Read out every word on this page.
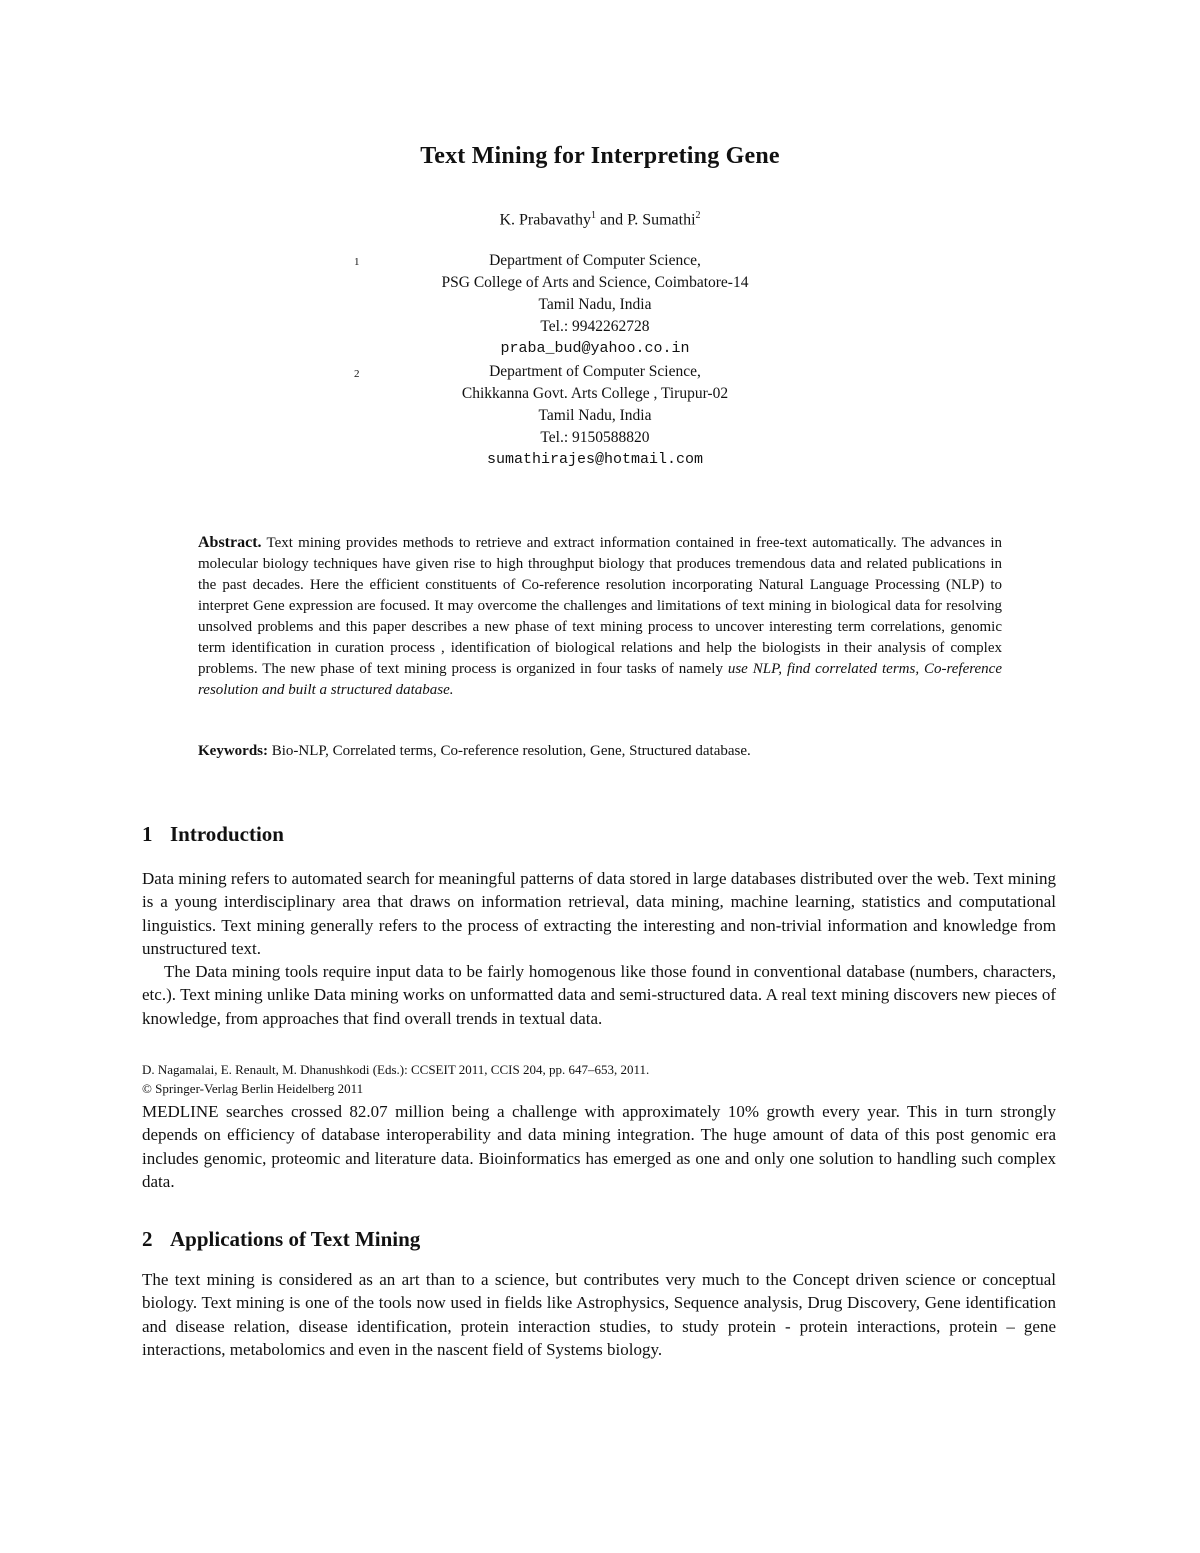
Text Mining for Interpreting Gene
K. Prabavathy$^1$ and P. Sumathi$^2$
1	Department of Computer Science,
PSG College of Arts and Science, Coimbatore-14
Tamil Nadu, India
Tel.: 9942262728
praba_bud@yahoo.co.in
2	Department of Computer Science,
Chikkanna Govt. Arts College , Tirupur-02
Tamil Nadu, India
Tel.: 9150588820
sumathirajes@hotmail.com
Abstract. Text mining provides methods to retrieve and extract information contained in free-text automatically. The advances in molecular biology techniques have given rise to high throughput biology that produces tremendous data and related publications in the past decades. Here the efficient constituents of Co-reference resolution incorporating Natural Language Processing (NLP) to interpret Gene expression are focused. It may overcome the challenges and limitations of text mining in biological data for resolving unsolved problems and this paper describes a new phase of text mining process to uncover interesting term correlations, genomic term identification in curation process , identification of biological relations and help the biologists in their analysis of complex problems. The new phase of text mining process is organized in four tasks of namely use NLP, find correlated terms, Co-reference resolution and built a structured database.
Keywords: Bio-NLP, Correlated terms, Co-reference resolution, Gene, Structured database.
1 Introduction
Data mining refers to automated search for meaningful patterns of data stored in large databases distributed over the web. Text mining is a young interdisciplinary area that draws on information retrieval, data mining, machine learning, statistics and computational linguistics. Text mining generally refers to the process of extracting the interesting and non-trivial information and knowledge from unstructured text.
The Data mining tools require input data to be fairly homogenous like those found in conventional database (numbers, characters, etc.). Text mining unlike Data mining works on unformatted data and semi-structured data. A real text mining discovers new pieces of knowledge, from approaches that find overall trends in textual data.
D. Nagamalai, E. Renault, M. Dhanushkodi (Eds.): CCSEIT 2011, CCIS 204, pp. 647–653, 2011.
© Springer-Verlag Berlin Heidelberg 2011
MEDLINE searches crossed 82.07 million being a challenge with approximately 10% growth every year. This in turn strongly depends on efficiency of database interoperability and data mining integration. The huge amount of data of this post genomic era includes genomic, proteomic and literature data. Bioinformatics has emerged as one and only one solution to handling such complex data.
2 Applications of Text Mining
The text mining is considered as an art than to a science, but contributes very much to the Concept driven science or conceptual biology. Text mining is one of the tools now used in fields like Astrophysics, Sequence analysis, Drug Discovery, Gene identification and disease relation, disease identification, protein interaction studies, to study protein - protein interactions, protein – gene interactions, metabolomics and even in the nascent field of Systems biology.
